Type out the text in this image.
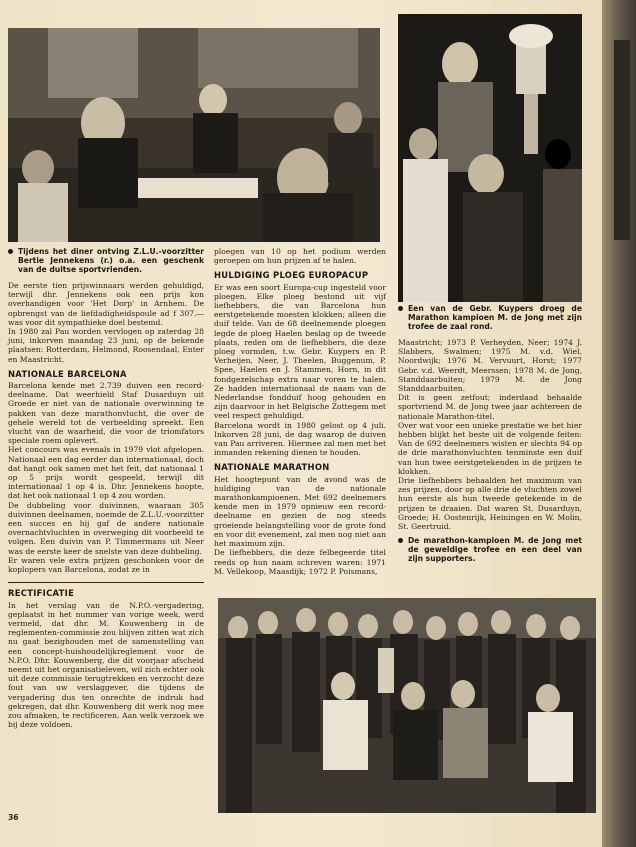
Tijdens het diner ontving Z.L.U.-voorzitter Bertie Jennekens (r.) o.a. een geschenk van de duitse sportvrienden.

De eerste tien prijswinnaars werden gehuldigd, terwijl dhr. Jennekens ook een prijs kon overhandigen voor 'Het Dorp' in Arnhem. De opbrengst van de liefdadigheidspoule ad f 307.— was voor dit sympathieke doel bestemd.

In 1980 zal Pau worden vervlogen op zaterdag 28 juni, inkorven maandag 23 juni, op de bekende plaatsen: Rotterdam, Helmond, Roosendaal, Enter en Maastricht.

NATIONALE BARCELONA

Barcelona kende met 2.739 duiven een record-deelname. Dat weerhield Staf Dusarduyn uit Groede er niet van de nationale overwinning te pakken van deze marathonvlucht, die over de gehele wereld tot de verbeelding spreekt. Een vlucht van de waarheid, die voor de triomfators speciale roem oplevert.

Het concours was evenals in 1979 vlot afgelopen. Nationaal een dag eerder dan internationaal, doch dat hangt ook samen met het feit, dat nationaal 1 op 5 prijs wordt gespeeld, terwijl dit internationaal 1 op 4 is. Dhr. Jennekens hoopte, dat het ook nationaal 1 op 4 zou worden.

De dubbeling voor duivinnen, waaraan 305 duivinnen deelnamen, noemde de Z.L.U.-voorzitter een succes en hij gaf de andere nationale overnachtvluchten in overweging dit voorbeeld te volgen. Een duivin van P. Timmermans uit Neer was de eerste keer de snelste van deze dubbeling.

Er waren vele extra prijzen geschonken voor de koplopers van Barcelona, zodat ze in

RECTIFICATIE

In het verslag van de N.P.O.-vergadering, geplaatst in het nummer van vorige week, werd vermeld, dat dhr. M. Kouwenberg in de reglementen-commissie zou blijven zitten wat zich nu gaat bezighouden met de samenstelling van een concept-huishoudelijkreglement voor de N.P.O. Dhr. Kouwenberg, die dit voorjaar afscheid neemt uit het organisatieleven, wil zich echter ook uit deze commissie terugtrekken en verzocht deze fout van uw verslaggever, die tijdens de vergadering dus ten onrechte de indruk had gekregen, dat dhr. Kouwenberg dit werk nog mee zou afmaken, te rectificeren. Aan welk verzoek we bij deze voldoen.

ploegen van 10 op het podium werden geroepen om hun prijzen af te halen.

HULDIGING PLOEG EUROPACUP

Er was een soort Europa-cup ingesteld voor ploegen. Elke ploeg bestond uit vijf liefhebbers, die van Barcelona hun eerstgetekende moesten klokken; alleen die duif telde. Van de 68 deelnemende ploegen legde de ploeg Haelen beslag op de tweede plaats, reden om de liefhebbers, die deze ploeg vormden, t.w. Gebr. Kuypers en P. Verheijen, Neer, J. Theelen, Buggenum, P. Spee, Haelen en J. Stammen, Horn, in dit fondgezelschap extra naar voren te halen. Ze hadden internationaal de naam van de Nederlandse fondduif hoog gehouden en zijn daarvoor in het Belgische Zottegem met veel respect gehuldigd.

Barcelona wordt in 1980 gelost op 4 juli. Inkorven 28 juni, de dag waarop de duiven van Pau arriveren. Hiermee zal men met het inmanden rekening dienen te houden.

NATIONALE MARATHON

Het hoogtepunt van de avond was de huldiging van de nationale marathonkampioenen. Met 692 deelnemers kende men in 1979 opnieuw een record-deelname en gezien de nog steeds groeiende belangstelling voor de grote fond en voor dit evenement, zal men nog niet aan het maximum zijn.

De liefhebbers, die deze felbegeerde titel reeds op hun naam schreven waren: 1971 M. Vellekoop, Maasdijk; 1972 P. Poismans,

Een van de Gebr. Kuypers droeg de Marathon kampioen M. de Jong met zijn trofee de zaal rond.

Maastricht; 1973 P. Verheyden, Neer; 1974 J. Slabbers, Swalmen; 1975 M. v.d. Wiel, Noordwijk; 1976 M. Vervuurt, Horst; 1977 Gebr. v.d. Weerdt, Meerssen; 1978 M. de Jong, Standdaarbuiten; 1979 M. de Jong Standdaarbuiten.

Dit is geen zetfout; inderdaad behaalde sportvriend M. de Jong twee jaar achtereen de nationale Marathon-titel.

Over wat voor een unieke prestatie we het hier hebben blijkt het beste uit de volgende feiten: Van de 692 deelnemers wisten er slechts 94 op de drie marathonvluchten tenminste een duif van hun twee eerstgetekenden in de prijzen te klokken.

Drie liefhebbers behaalden het maximum van zes prijzen, door op alle drie de vluchten zowel hun eerste als hun tweede getekende in de prijzen te draaien. Dat waren St. Dusarduyn, Groede; H. Oostenrijk, Heiningen en W. Molin, St. Geertruid.

De marathon-kampioen M. de Jong met de geweldige trofee en een deel van zijn supporters.
36
